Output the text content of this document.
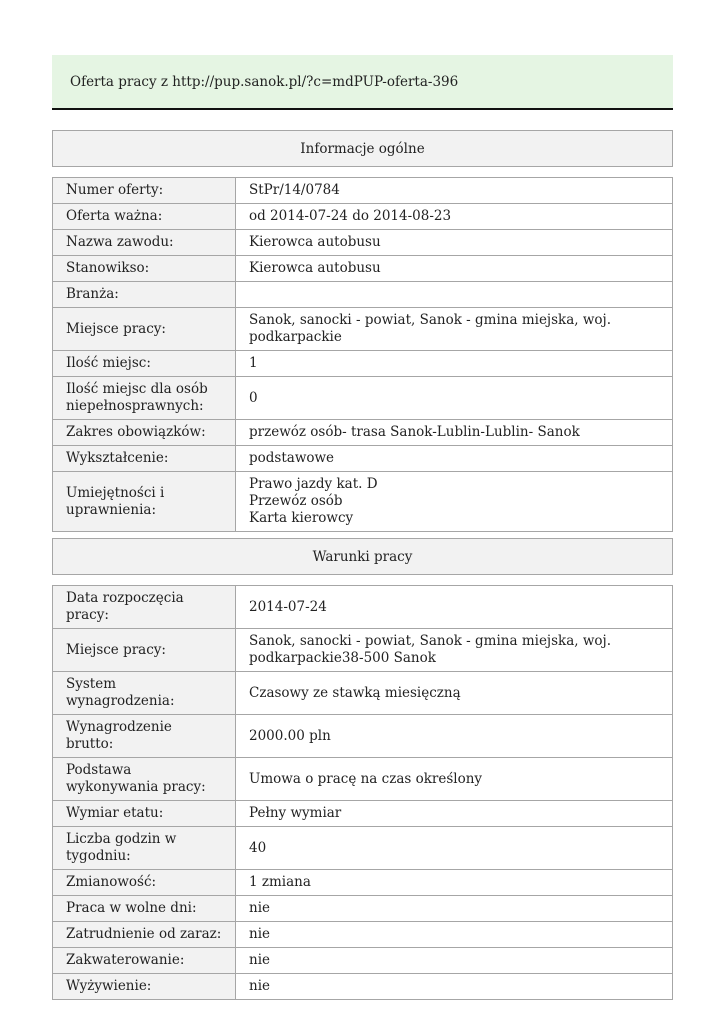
Oferta pracy z http://pup.sanok.pl/?c=mdPUP-oferta-396
Informacje ogólne
Numer oferty:	StPr/14/0784
Oferta ważna:	od 2014-07-24 do 2014-08-23
Nazwa zawodu:	Kierowca autobusu
Stanowikso:	Kierowca autobusu
Branża:	
Miejsce pracy:	Sanok, sanocki - powiat, Sanok - gmina miejska, woj.
podkarpackie
Ilość miejsc:	1
Ilość miejsc dla osób niepełnosprawnych:	0
Zakres obowiązków:	przewóz osób- trasa Sanok-Lublin-Lublin- Sanok
Wykształcenie:	podstawowe
Umiejętności i uprawnienia:	Prawo jazdy kat. D
Przewóz osób
Karta kierowcy
Warunki pracy
Data rozpoczęcia pracy:	2014-07-24
Miejsce pracy:	Sanok, sanocki - powiat, Sanok - gmina miejska, woj.
podkarpackie38-500 Sanok
System wynagrodzenia:	Czasowy ze stawką miesięczną
Wynagrodzenie brutto:	2000.00 pln
Podstawa wykonywania pracy:	Umowa o pracę na czas określony
Wymiar etatu:	Pełny wymiar
Liczba godzin w tygodniu:	40
Zmianowość:	1 zmiana
Praca w wolne dni:	nie
Zatrudnienie od zaraz:	nie
Zakwaterowanie:	nie
Wyżywienie:	nie
